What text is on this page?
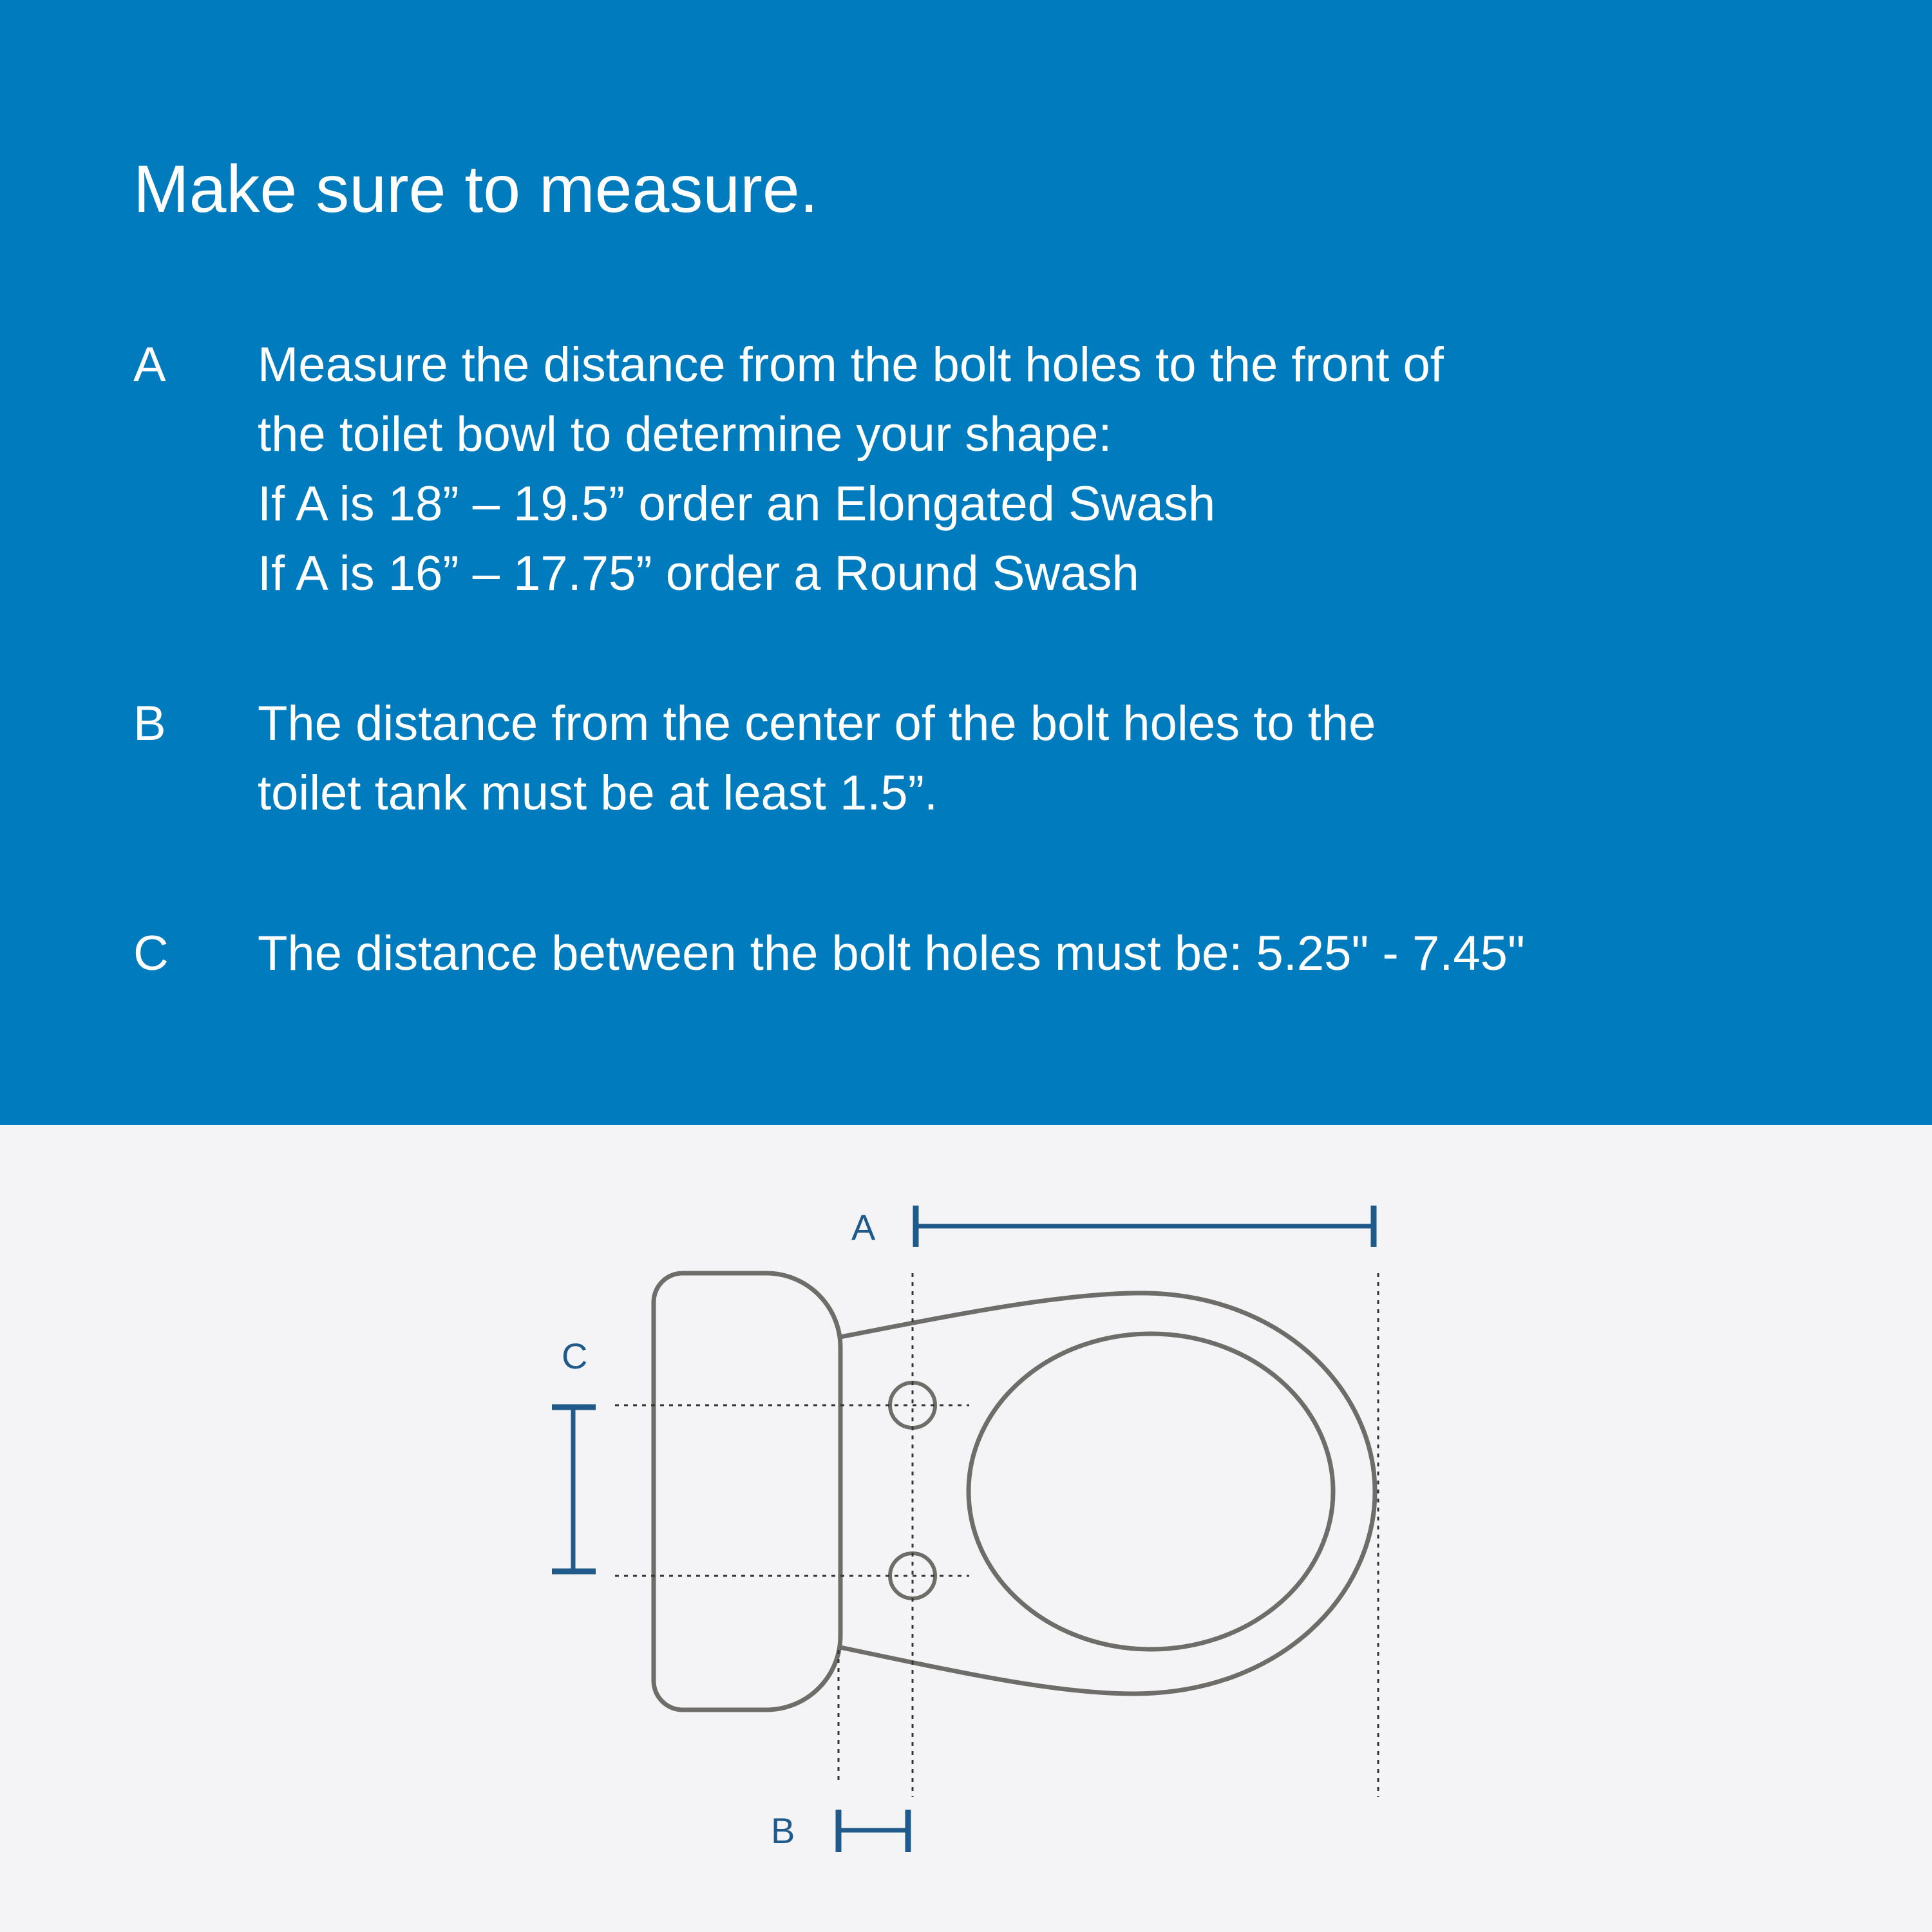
Make sure to measure.
A Measure the distance from the bolt holes to the front of
the toilet bowl to determine your shape:
If A is 18” – 19.5” order an Elongated Swash
If A is 16” – 17.75” order a Round Swash
B The distance from the center of the bolt holes to the
toilet tank must be at least 1.5”.
C The distance between the bolt holes must be: 5.25" - 7.45"
A
B
C
